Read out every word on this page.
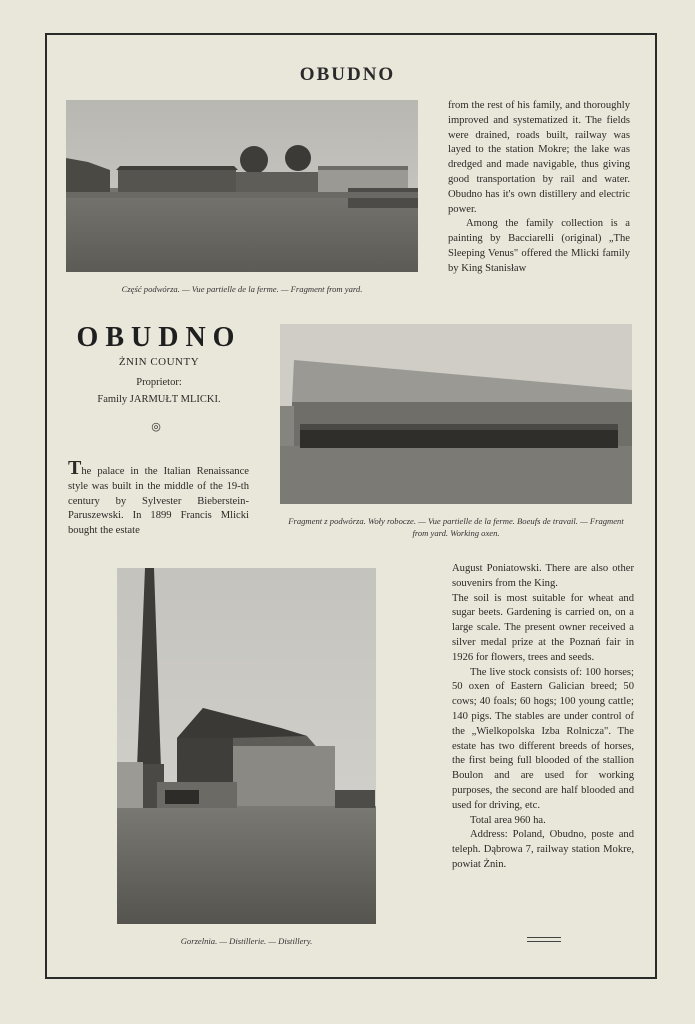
OBUDNO
Część podwórza. — Vue partielle de la ferme. — Fragment from yard.

from the rest of his family, and thoroughly improved and systematized it. The fields were drained, roads built, railway was layed to the station Mokre; the lake was dredged and made navigable, thus giving good transportation by rail and water. Obudno has it's own distillery and electric power.

Among the family collection is a painting by Bacciarelli (original) „The Sleeping Venus" offered the Mlicki family by King Stanisław

OBUDNO
ŻNIN COUNTY
Proprietor:
Family JARMUŁT MLICKI.
◎
The palace in the Italian Renaissance style was built in the middle of the 19-th century by Sylvester Bieberstein-Paruszewski. In 1899 Francis Mlicki bought the estate
Fragment z podwórza. Woły robocze. — Vue partielle de la ferme. Boeufs de travail. — Fragment from yard. Working oxen.
Gorzelnia. — Distillerie. — Distillery.

August Poniatowski. There are also other souvenirs from the King.

The soil is most suitable for wheat and sugar beets. Gardening is carried on, on a large scale. The present owner received a silver medal prize at the Poznań fair in 1926 for flowers, trees and seeds.

The live stock consists of: 100 horses; 50 oxen of Eastern Galician breed; 50 cows; 40 foals; 60 hogs; 100 young cattle; 140 pigs. The stables are under control of the „Wielkopolska Izba Rolnicza". The estate has two different breeds of horses, the first being full blooded of the stallion Boulon and are used for working purposes, the second are half blooded and used for driving, etc.

Total area 960 ha.

Address: Poland, Obudno, poste and teleph. Dąbrowa 7, railway station Mokre, powiat Żnin.
